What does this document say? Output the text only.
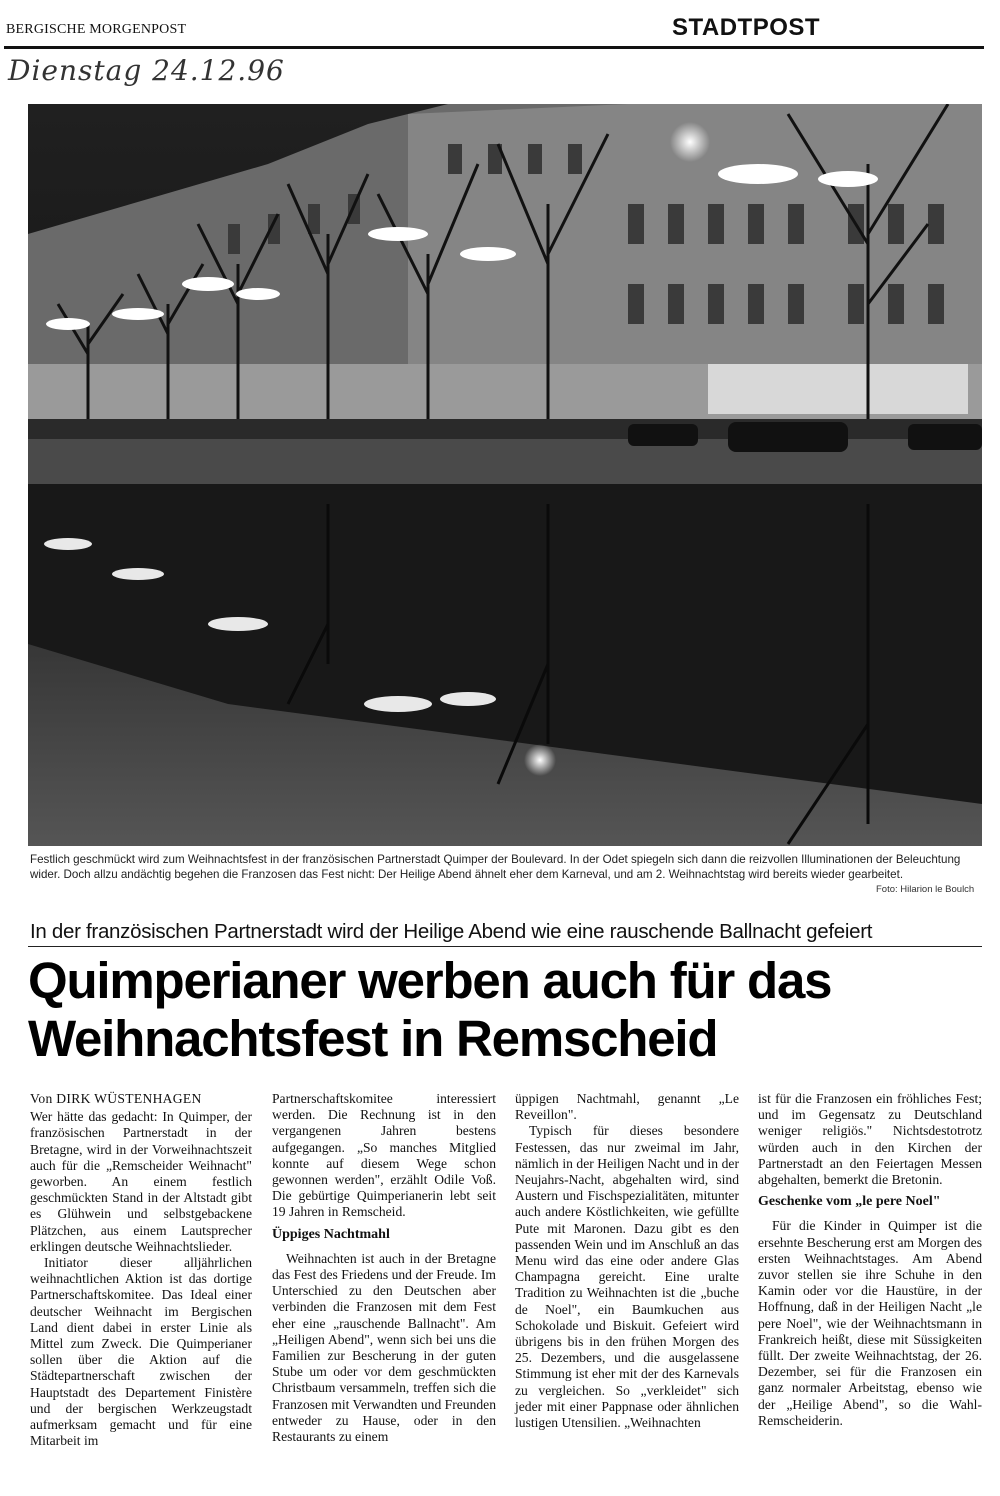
BERGISCHE MORGENPOST	STADTPOST
Dienstag 24.12.96
Festlich geschmückt wird zum Weihnachtsfest in der französischen Partnerstadt Quimper der Boulevard. In der Odet spiegeln sich dann die reizvollen Illuminationen der Beleuchtung wider. Doch allzu andächtig begehen die Franzosen das Fest nicht: Der Heilige Abend ähnelt eher dem Karneval, und am 2. Weihnachtstag wird bereits wieder gearbeitet.
Foto: Hilarion le Boulch
In der französischen Partnerstadt wird der Heilige Abend wie eine rauschende Ballnacht gefeiert
Quimperianer werben auch für das
Weihnachtsfest in Remscheid

Von DIRK WÜSTENHAGEN

Wer hätte das gedacht: In Quimper, der französischen Partnerstadt in der Bretagne, wird in der Vorweihnachtszeit auch für die „Remscheider Weihnacht" geworben. An einem festlich geschmückten Stand in der Altstadt gibt es Glühwein und selbstgebackene Plätzchen, aus einem Lautsprecher erklingen deutsche Weihnachtslieder.

Initiator dieser alljährlichen weihnachtlichen Aktion ist das dortige Partnerschaftskomitee. Das Ideal einer deutscher Weihnacht im Bergischen Land dient dabei in erster Linie als Mittel zum Zweck. Die Quimperianer sollen über die Aktion auf die Städtepartnerschaft zwischen der Hauptstadt des Departement Finistère und der bergischen Werkzeugstadt aufmerksam gemacht und für eine Mitarbeit im

Partnerschaftskomitee interessiert werden. Die Rechnung ist in den vergangenen Jahren bestens aufgegangen. „So manches Mitglied konnte auf diesem Wege schon gewonnen werden", erzählt Odile Voß. Die gebürtige Quimperianerin lebt seit 19 Jahren in Remscheid.

Üppiges Nachtmahl

Weihnachten ist auch in der Bretagne das Fest des Friedens und der Freude. Im Unterschied zu den Deutschen aber verbinden die Franzosen mit dem Fest eher eine „rauschende Ballnacht". Am „Heiligen Abend", wenn sich bei uns die Familien zur Bescherung in der guten Stube um oder vor dem geschmückten Christbaum versammeln, treffen sich die Franzosen mit Verwandten und Freunden entweder zu Hause, oder in den Restaurants zu einem

üppigen Nachtmahl, genannt „Le Reveillon".

Typisch für dieses besondere Festessen, das nur zweimal im Jahr, nämlich in der Heiligen Nacht und in der Neujahrs-Nacht, abgehalten wird, sind Austern und Fischspezialitäten, mitunter auch andere Köstlichkeiten, wie gefüllte Pute mit Maronen. Dazu gibt es den passenden Wein und im Anschluß an das Menu wird das eine oder andere Glas Champagna gereicht. Eine uralte Tradition zu Weihnachten ist die „buche de Noel", ein Baumkuchen aus Schokolade und Biskuit. Gefeiert wird übrigens bis in den frühen Morgen des 25. Dezembers, und die ausgelassene Stimmung ist eher mit der des Karnevals zu vergleichen. So „verkleidet" sich jeder mit einer Pappnase oder ähnlichen lustigen Utensilien. „Weihnachten

ist für die Franzosen ein fröhliches Fest; und im Gegensatz zu Deutschland weniger religiös." Nichtsdestotrotz würden auch in den Kirchen der Partnerstadt an den Feiertagen Messen abgehalten, bemerkt die Bretonin.

Geschenke vom „le pere Noel"

Für die Kinder in Quimper ist die ersehnte Bescherung erst am Morgen des ersten Weihnachtstages. Am Abend zuvor stellen sie ihre Schuhe in den Kamin oder vor die Haustüre, in der Hoffnung, daß in der Heiligen Nacht „le pere Noel", wie der Weihnachtsmann in Frankreich heißt, diese mit Süssigkeiten füllt. Der zweite Weihnachtstag, der 26. Dezember, sei für die Franzosen ein ganz normaler Arbeitstag, ebenso wie der „Heilige Abend", so die Wahl-Remscheiderin.
